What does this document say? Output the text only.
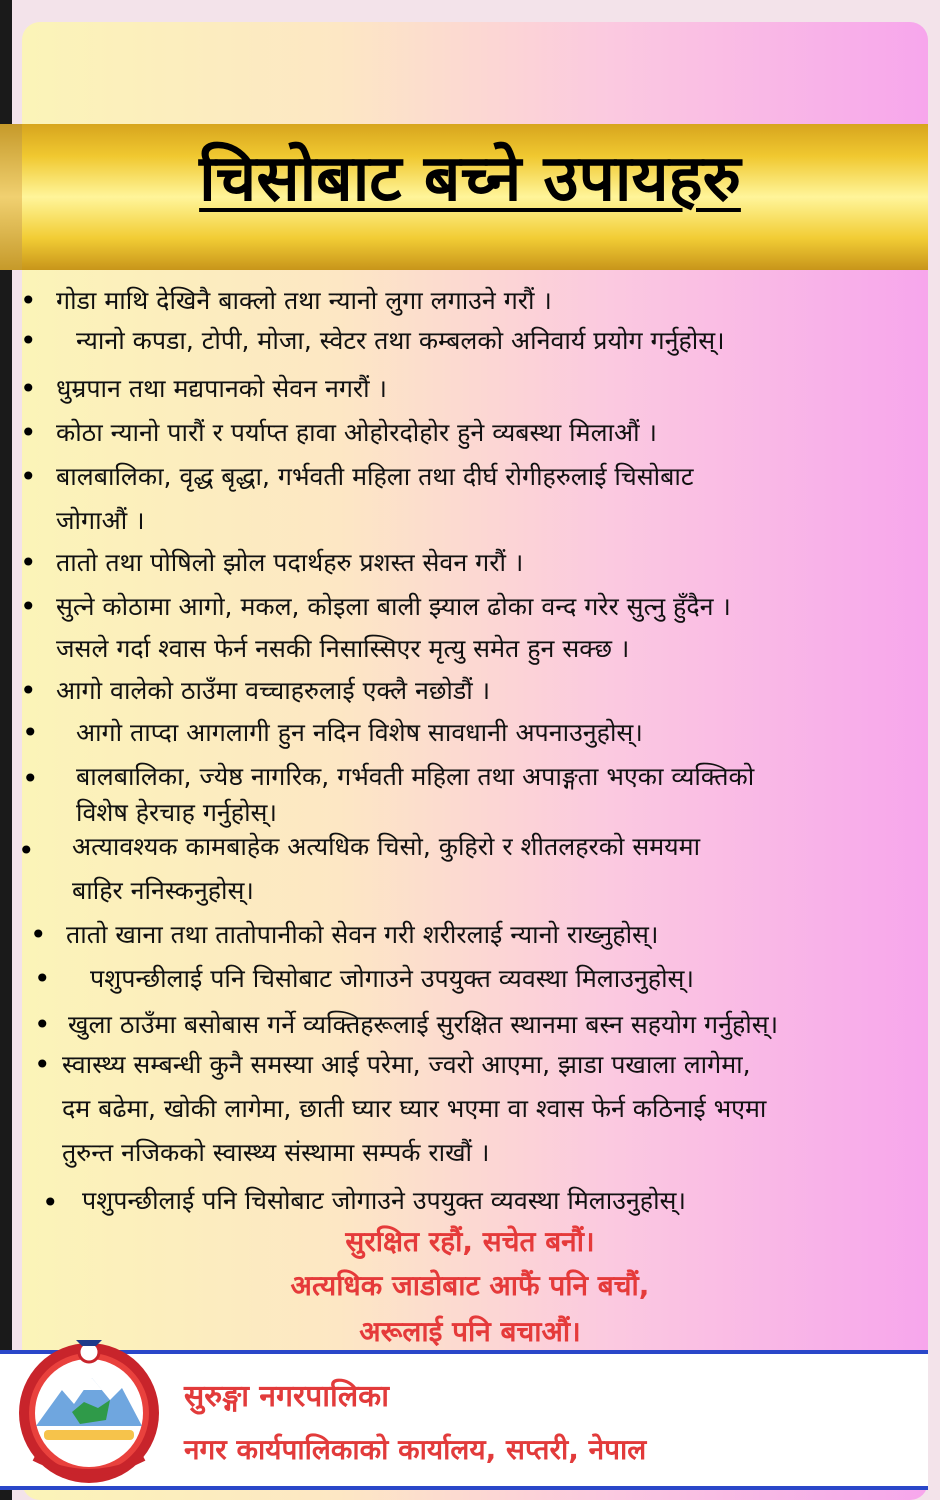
चिसोबाट बच्ने उपायहरु
• गोडा माथि देखिनै बाक्लो तथा न्यानो लुगा लगाउने गरौं ।
• न्यानो कपडा, टोपी, मोजा, स्वेटर तथा कम्बलको अनिवार्य प्रयोग गर्नुहोस्।
• धुम्रपान तथा मद्यपानको सेवन नगरौं ।
• कोठा न्यानो पारौं र पर्याप्त हावा ओहोरदोहोर हुने व्यबस्था मिलाऔं ।
• बालबालिका, वृद्ध बृद्धा, गर्भवती महिला तथा दीर्घ रोगीहरुलाई चिसोबाट
जोगाऔं ।
• तातो तथा पोषिलो झोल पदार्थहरु प्रशस्त सेवन गरौं ।
• सुत्ने कोठामा आगो, मकल, कोइला बाली झ्याल ढोका वन्द गरेर सुत्नु हुँदैन ।
जसले गर्दा श्वास फेर्न नसकी निसास्सिएर मृत्यु समेत हुन सक्छ ।
• आगो वालेको ठाउँमा वच्चाहरुलाई एक्लै नछोडौं ।
• आगो ताप्दा आगलागी हुन नदिन विशेष सावधानी अपनाउनुहोस्।
• बालबालिका, ज्येष्ठ नागरिक, गर्भवती महिला तथा अपाङ्गता भएका व्यक्तिको
विशेष हेरचाह गर्नुहोस्।
• अत्यावश्यक कामबाहेक अत्यधिक चिसो, कुहिरो र शीतलहरको समयमा
बाहिर ननिस्कनुहोस्।
• तातो खाना तथा तातोपानीको सेवन गरी शरीरलाई न्यानो राख्नुहोस्।
• पशुपन्छीलाई पनि चिसोबाट जोगाउने उपयुक्त व्यवस्था मिलाउनुहोस्।
• खुला ठाउँमा बसोबास गर्ने व्यक्तिहरूलाई सुरक्षित स्थानमा बस्न सहयोग गर्नुहोस्।
• स्वास्थ्य सम्बन्धी कुनै समस्या आई परेमा, ज्वरो आएमा, झाडा पखाला लागेमा,
दम बढेमा, खोकी लागेमा, छाती घ्यार घ्यार भएमा वा श्वास फेर्न कठिनाई भएमा
तुरुन्त नजिकको स्वास्थ्य संस्थामा सम्पर्क राखौं ।
• पशुपन्छीलाई पनि चिसोबाट जोगाउने उपयुक्त व्यवस्था मिलाउनुहोस्।
सुरक्षित रहौं, सचेत बनौं।
अत्यधिक जाडोबाट आफैं पनि बचौं,
अरूलाई पनि बचाऔं।
सुरुङ्गा नगरपालिका
नगर कार्यपालिकाको कार्यालय, सप्तरी, नेपाल
